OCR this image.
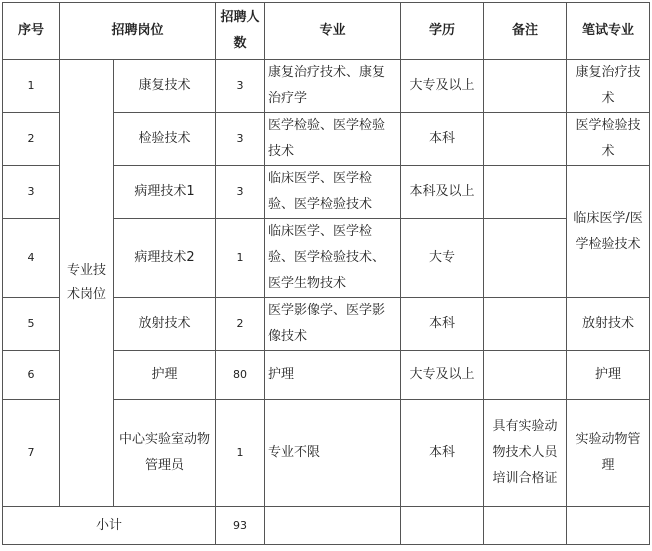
序号	招聘岗位		招聘人数	专业	学历	备注	笔试专业
1	专业技术岗位	康复技术	3	康复治疗技术、康复治疗学	大专及以上		康复治疗技术
2		检验技术	3	医学检验、医学检验技术	本科		医学检验技术
3		病理技术1	3	临床医学、医学检验、医学检验技术	本科及以上		临床医学/医学检验技术
4		病理技术2	1	临床医学、医学检验、医学检验技术、医学生物技术	大专		
5		放射技术	2	医学影像学、医学影像技术	本科		放射技术
6		护理	80	护理	大专及以上		护理
7		中心实验室动物管理员	1	专业不限	本科	具有实验动物技术人员培训合格证	实验动物管理
小计			93				
